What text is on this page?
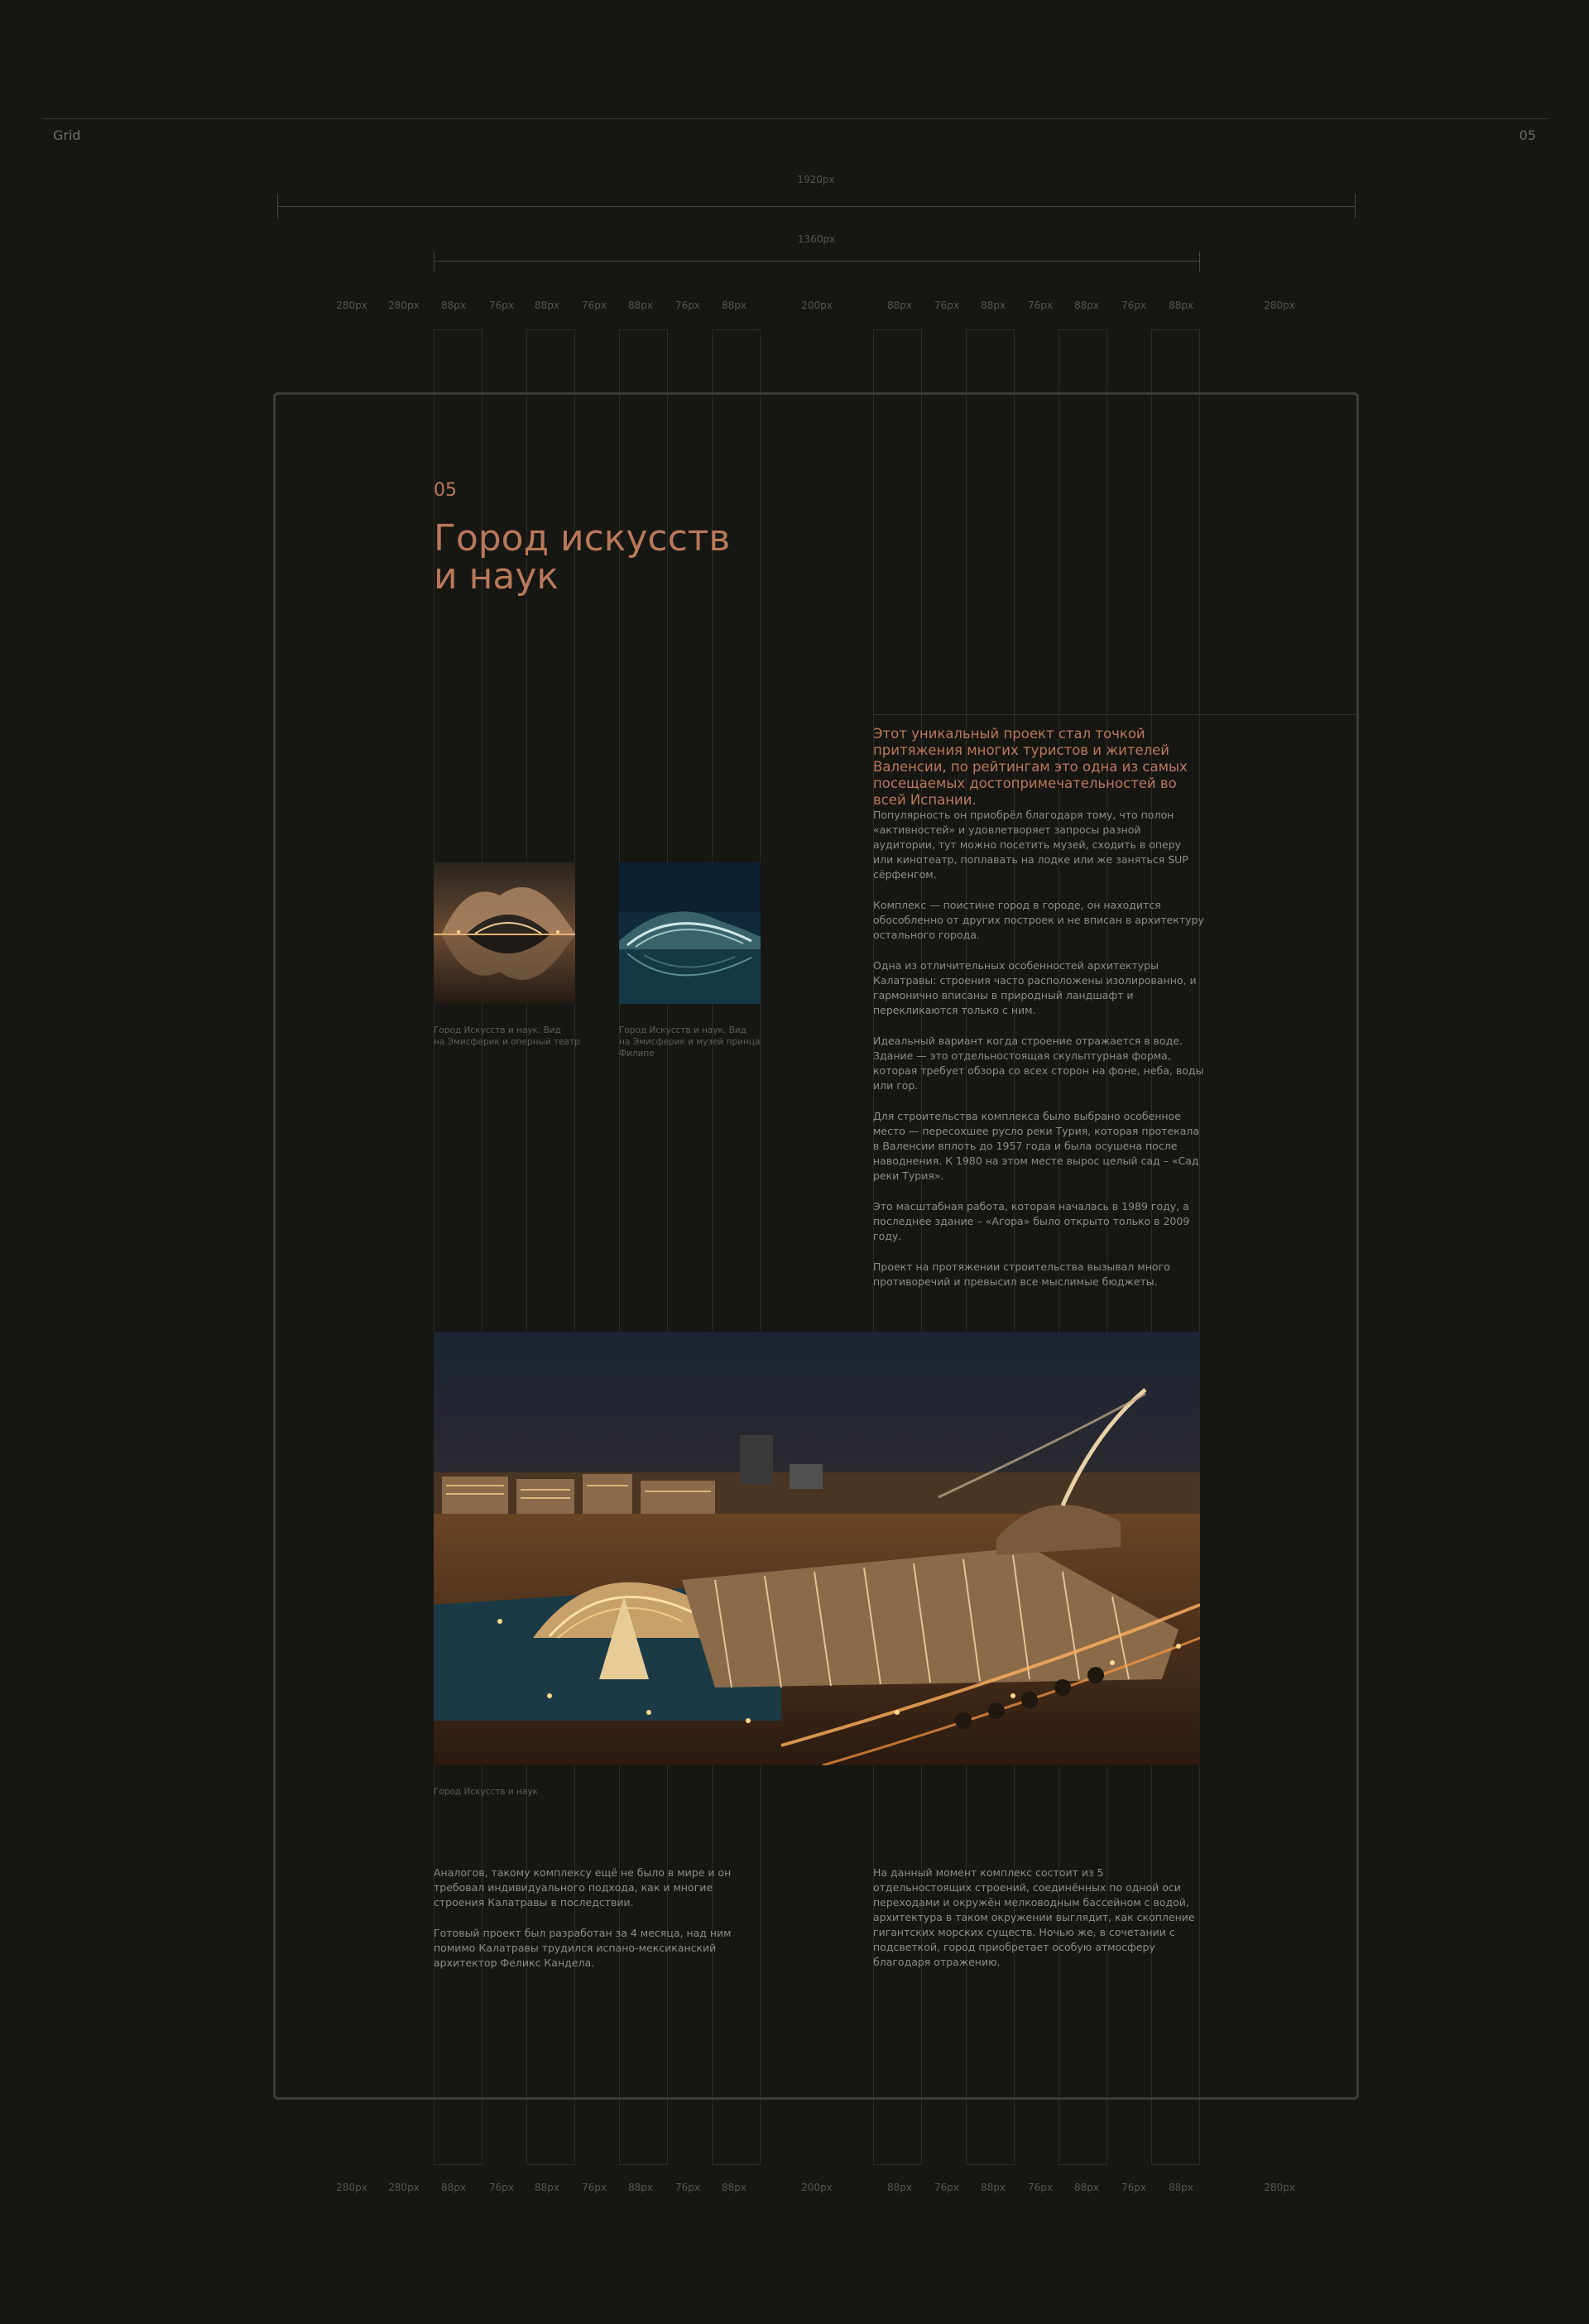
Grid	05
1920px
1360px
280px	280px	88px	76px	88px	76px	88px	76px	88px	200px	88px	76px	88px	76px	88px	76px	88px	280px
280px	280px	88px	76px	88px	76px	88px	76px	88px	200px	88px	76px	88px	76px	88px	76px	88px	280px
05
Город искусств
и наук
Этот уникальный проект стал точкой притяжения многих туристов и жителей Валенсии, по рейтингам это одна из самых посещаемых достопримечательностей во всей Испании.

Популярность он приобрёл благодаря тому, что полон «активностей» и удовлетворяет запросы разной аудитории, тут можно посетить музей, сходить в оперу или кинотеатр, поплавать на лодке или же заняться SUP сёрфенгом.

Комплекс — поистине город в городе, он находится обособленно от других построек и не вписан в архитектуру остального города.

Одна из отличительных особенностей архитектуры Калатравы: строения часто расположены изолированно, и гармонично вписаны в природный ландшафт и перекликаются только с ним.

Идеальный вариант когда строение отражается в воде. Здание — это отдельностоящая скульптурная форма, которая требует обзора со всех сторон на фоне, неба, воды или гор.

Для строительства комплекса было выбрано особенное место — пересохшее русло реки Турия, которая протекала в Валенсии вплоть до 1957 года и была осушена после наводнения. К 1980 на этом месте вырос целый сад – «Сад реки Турия».

Это масштабная работа, которая началась в 1989 году, а последнее здание – «Агора» было открыто только в 2009 году.

Проект на протяжении строительства вызывал много противоречий и превысил все мыслимые бюджеты.

Город Искусств и наук. Вид
на Эмисферик и оперный театр
Город Искусств и наук. Вид
на Эмисферик и музей принца
Филипе
Город Искусств и наук

Аналогов, такому комплексу ещё не было в мире и он требовал индивидуального подхода, как и многие строения Калатравы в последствии.

Готовый проект был разработан за 4 месяца, над ним помимо Калатравы трудился испано-мексиканский архитектор Феликс Кандела.

На данный момент комплекс состоит из 5 отдельностоящих строений, соединённых по одной оси переходами и окружён мелководным бассейном с водой, архитектура в таком окружении выглядит, как скопление гигантских морских существ. Ночью же, в сочетании с подсветкой, город приобретает особую атмосферу благодаря отражению.
